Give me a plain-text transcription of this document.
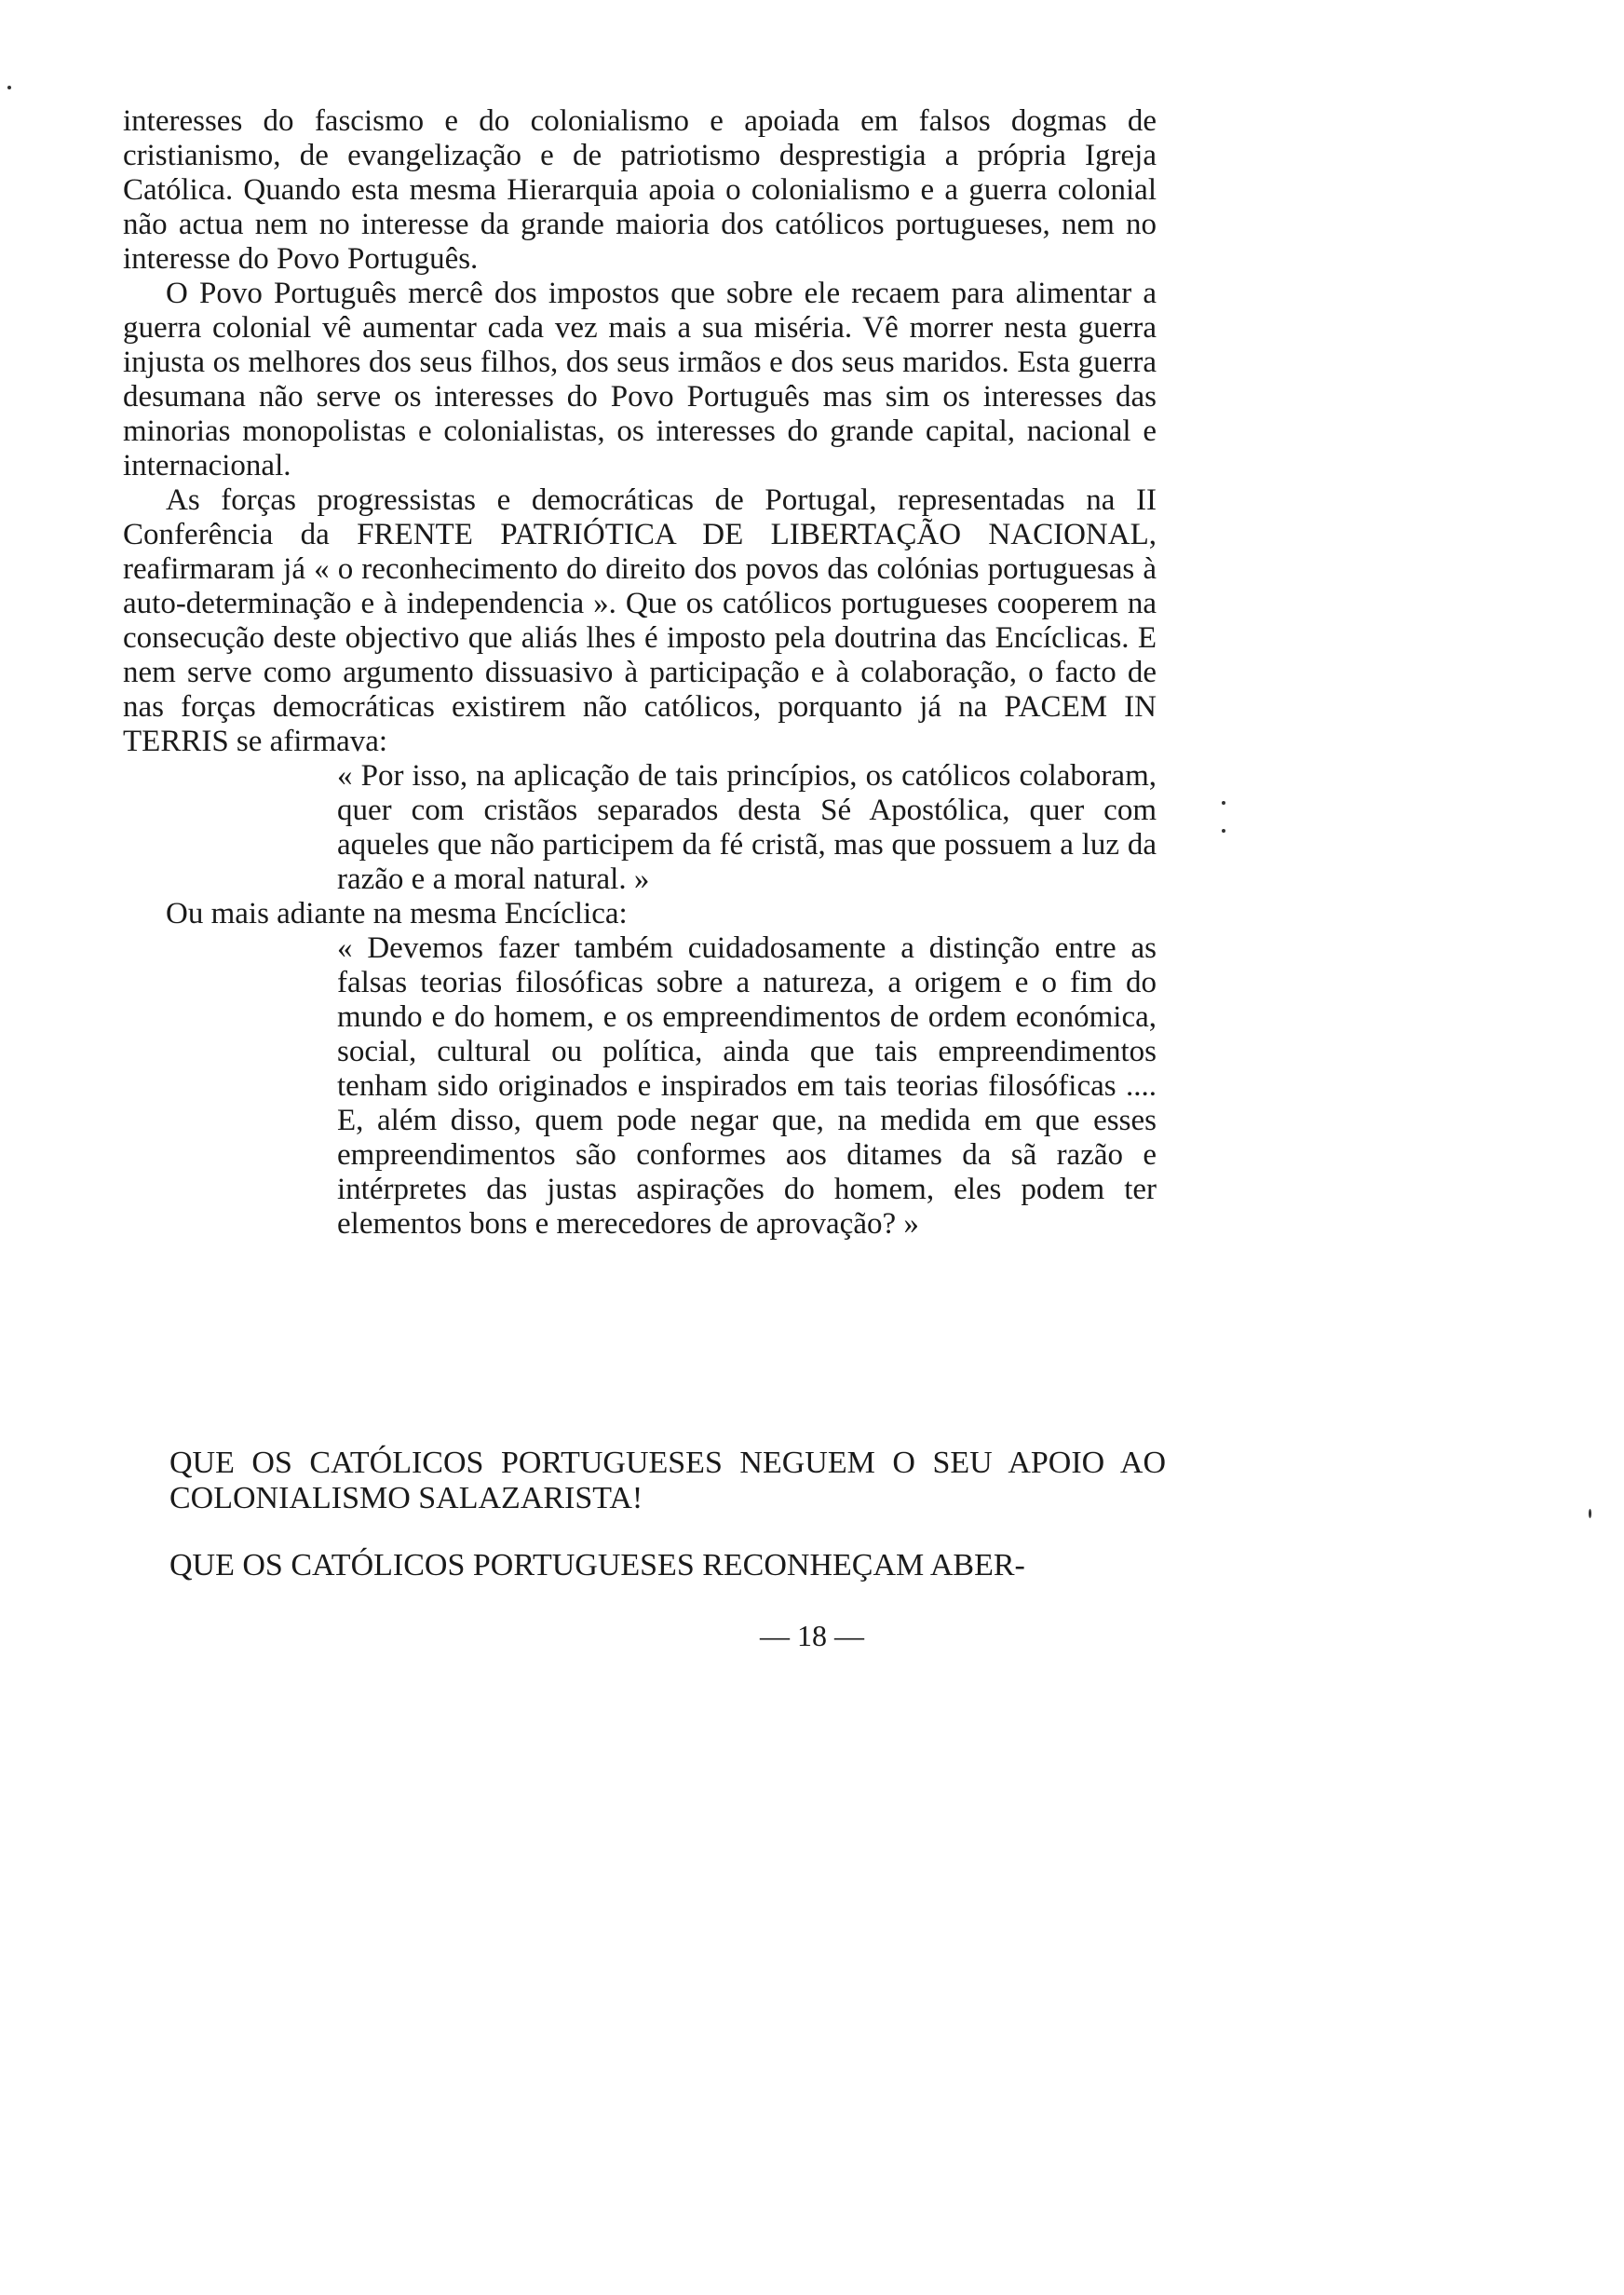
interesses do fascismo e do colonialismo e apoiada em falsos dogmas de cristianismo, de evangelização e de patriotismo desprestigia a própria Igreja Católica. Quando esta mesma Hierarquia apoia o colonialismo e a guerra colonial não actua nem no interesse da grande maioria dos católicos portugueses, nem no interesse do Povo Português.

O Povo Português mercê dos impostos que sobre ele recaem para alimentar a guerra colonial vê aumentar cada vez mais a sua miséria. Vê morrer nesta guerra injusta os melhores dos seus filhos, dos seus irmãos e dos seus maridos. Esta guerra desumana não serve os interesses do Povo Português mas sim os interesses das minorias monopolistas e colonialistas, os interesses do grande capital, nacional e internacional.

As forças progressistas e democráticas de Portugal, representadas na II Conferência da FRENTE PATRIÓTICA DE LIBERTAÇÃO NACIONAL, reafirmaram já « o reconhecimento do direito dos povos das colónias portuguesas à auto-determinação e à independencia ». Que os católicos portugueses cooperem na consecução deste objectivo que aliás lhes é imposto pela doutrina das Encíclicas. E nem serve como argumento dissuasivo à participação e à colaboração, o facto de nas forças democráticas existirem não católicos, porquanto já na PACEM IN TERRIS se afirmava:

« Por isso, na aplicação de tais princípios, os católicos colaboram, quer com cristãos separados desta Sé Apostólica, quer com aqueles que não participem da fé cristã, mas que possuem a luz da razão e a moral natural. »

Ou mais adiante na mesma Encíclica:

« Devemos fazer também cuidadosamente a distinção entre as falsas teorias filosóficas sobre a natureza, a origem e o fim do mundo e do homem, e os empreendimentos de ordem económica, social, cultural ou política, ainda que tais empreendimentos tenham sido originados e inspirados em tais teorias filosóficas .... E, além disso, quem pode negar que, na medida em que esses empreendimentos são conformes aos ditames da sã razão e intérpretes das justas aspirações do homem, eles podem ter elementos bons e merecedores de aprovação? »

QUE OS CATÓLICOS PORTUGUESES NEGUEM O SEU APOIO AO COLONIALISMO SALAZARISTA!

QUE OS CATÓLICOS PORTUGUESES RECONHEÇAM ABER-

— 18 —
